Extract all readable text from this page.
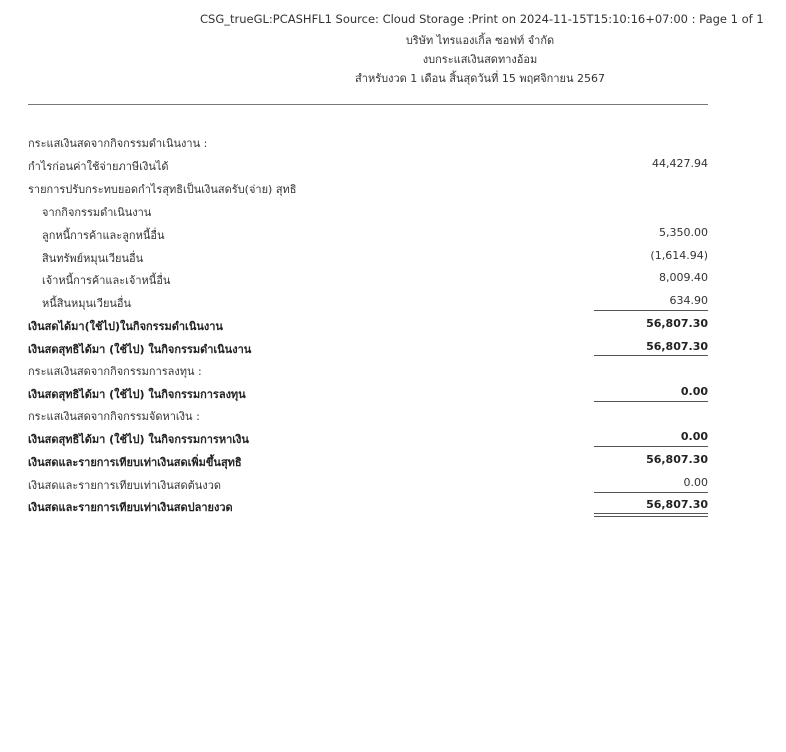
CSG_trueGL:PCASHFL1 Source: Cloud Storage :Print on 2024-11-15T15:10:16+07:00 : Page 1 of 1
บริษัท ไทรแองเกิ้ล ซอฟท์ จำกัด
งบกระแสเงินสดทางอ้อม
สำหรับงวด 1 เดือน สิ้นสุดวันที่ 15 พฤศจิกายน 2567
กระแสเงินสดจากกิจกรรมดำเนินงาน :
กำไรก่อนค่าใช้จ่ายภาษีเงินได้	44,427.94
รายการปรับกระทบยอดกำไรสุทธิเป็นเงินสดรับ(จ่าย) สุทธิ
จากกิจกรรมดำเนินงาน
ลูกหนี้การค้าและลูกหนี้อื่น	5,350.00
สินทรัพย์หมุนเวียนอื่น	(1,614.94)
เจ้าหนี้การค้าและเจ้าหนี้อื่น	8,009.40
หนี้สินหมุนเวียนอื่น	634.90
เงินสดได้มา(ใช้ไป)ในกิจกรรมดำเนินงาน	56,807.30
เงินสดสุทธิได้มา (ใช้ไป) ในกิจกรรมดำเนินงาน	56,807.30
กระแสเงินสดจากกิจกรรมการลงทุน :
เงินสดสุทธิได้มา (ใช้ไป) ในกิจกรรมการลงทุน	0.00
กระแสเงินสดจากกิจกรรมจัดหาเงิน :
เงินสดสุทธิได้มา (ใช้ไป) ในกิจกรรมการหาเงิน	0.00
เงินสดและรายการเทียบเท่าเงินสดเพิ่มขึ้นสุทธิ	56,807.30
เงินสดและรายการเทียบเท่าเงินสดต้นงวด	0.00
เงินสดและรายการเทียบเท่าเงินสดปลายงวด	56,807.30
